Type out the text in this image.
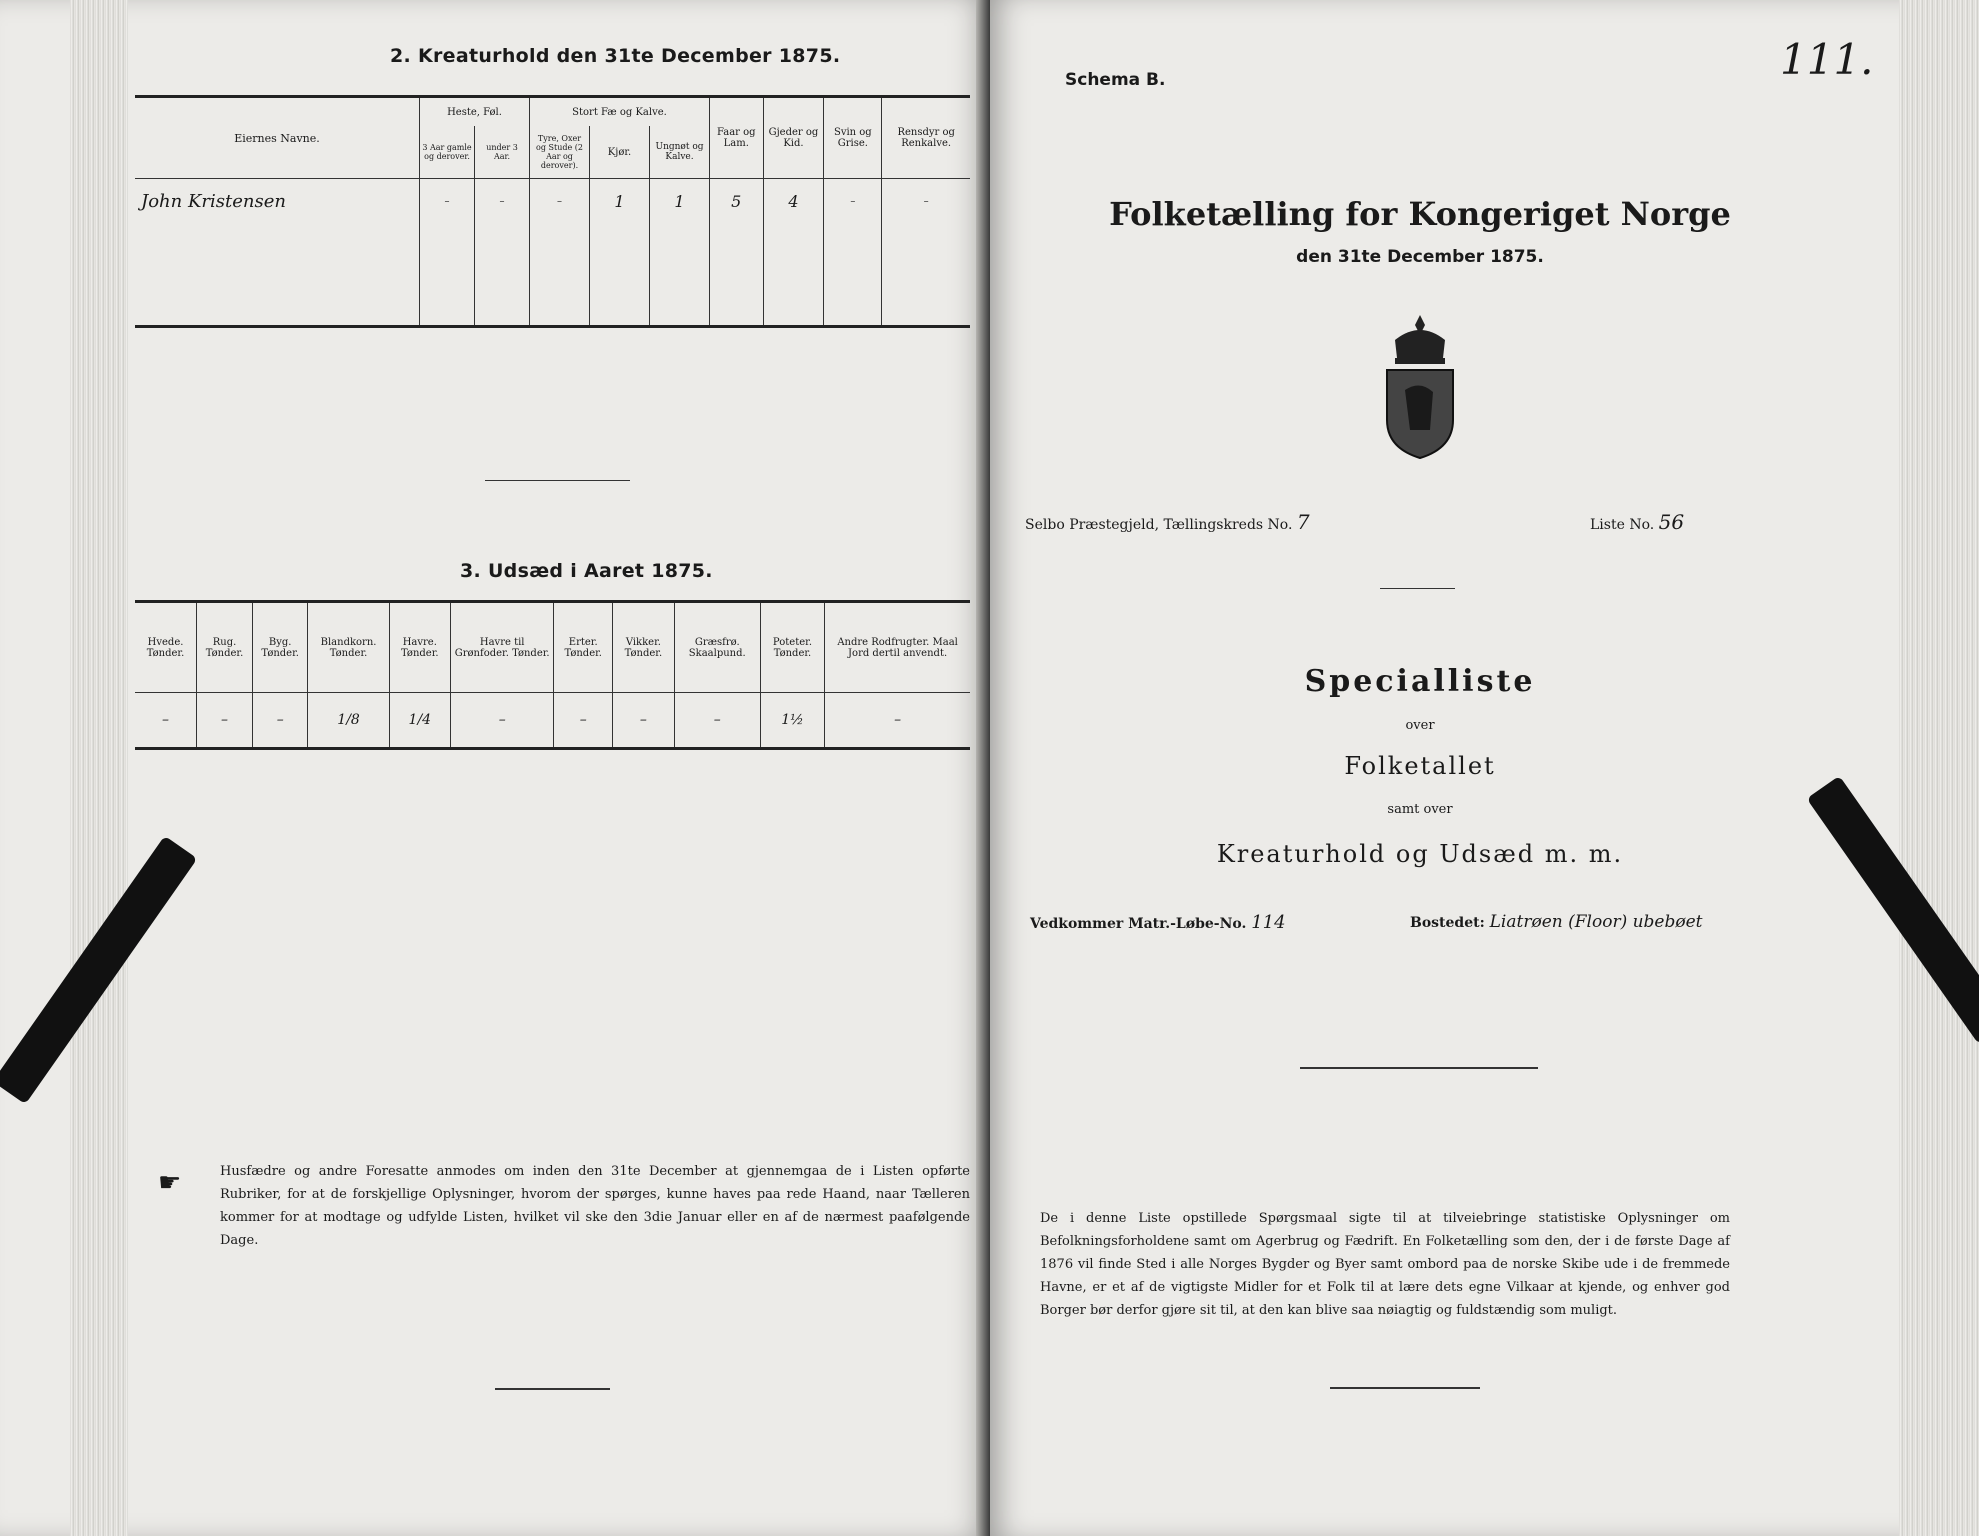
2. Kreaturhold den 31te December 1875.
Eiernes Navne.	Heste, Føl.		Stort Fæ og Kalve.			Faar og Lam.	Gjeder og Kid.	Svin og Grise.	Rensdyr og Renkalve.
	3 Aar gamle og derover.	under 3 Aar.	Tyre, Oxer og Stude (2 Aar og derover).	Kjør.	Ungnøt og Kalve.				
John Kristensen	–	–	–	1	1	5	4	–	–

3. Udsæd i Aaret 1875.
Hvede. Tønder.	Rug. Tønder.	Byg. Tønder.	Blandkorn. Tønder.	Havre. Tønder.	Havre til Grønfoder. Tønder.	Erter. Tønder.	Vikker. Tønder.	Græsfrø. Skaalpund.	Poteter. Tønder.	Andre Rodfrugter. Maal Jord dertil anvendt.
–	–	–	1/8	1/4	–	–	–	–	1½	–
☛	Husfædre og andre Foresatte anmodes om inden den 31te December at gjennemgaa de i Listen opførte Rubriker, for at de forskjellige Oplysninger, hvorom der spørges, kunne haves paa rede Haand, naar Tælleren kommer for at modtage og udfylde Listen, hvilket vil ske den 3die Januar eller en af de nærmest paafølgende Dage.
Schema B.	111.
Folketælling for Kongeriget Norge
den 31te December 1875.
Selbo Præstegjeld, Tællingskreds No. 7	Liste No. 56
Specialliste
over
Folketallet
samt over
Kreaturhold og Udsæd m. m.
Vedkommer Matr.-Løbe-No. 114	Bostedet: Liatrøen (Floor) ubebøet
De i denne Liste opstillede Spørgsmaal sigte til at tilveiebringe statistiske Oplysninger om Befolkningsforholdene samt om Agerbrug og Fædrift. En Folketælling som den, der i de første Dage af 1876 vil finde Sted i alle Norges Bygder og Byer samt ombord paa de norske Skibe ude i de fremmede Havne, er et af de vigtigste Midler for et Folk til at lære dets egne Vilkaar at kjende, og enhver god Borger bør derfor gjøre sit til, at den kan blive saa nøiagtig og fuldstændig som muligt.
